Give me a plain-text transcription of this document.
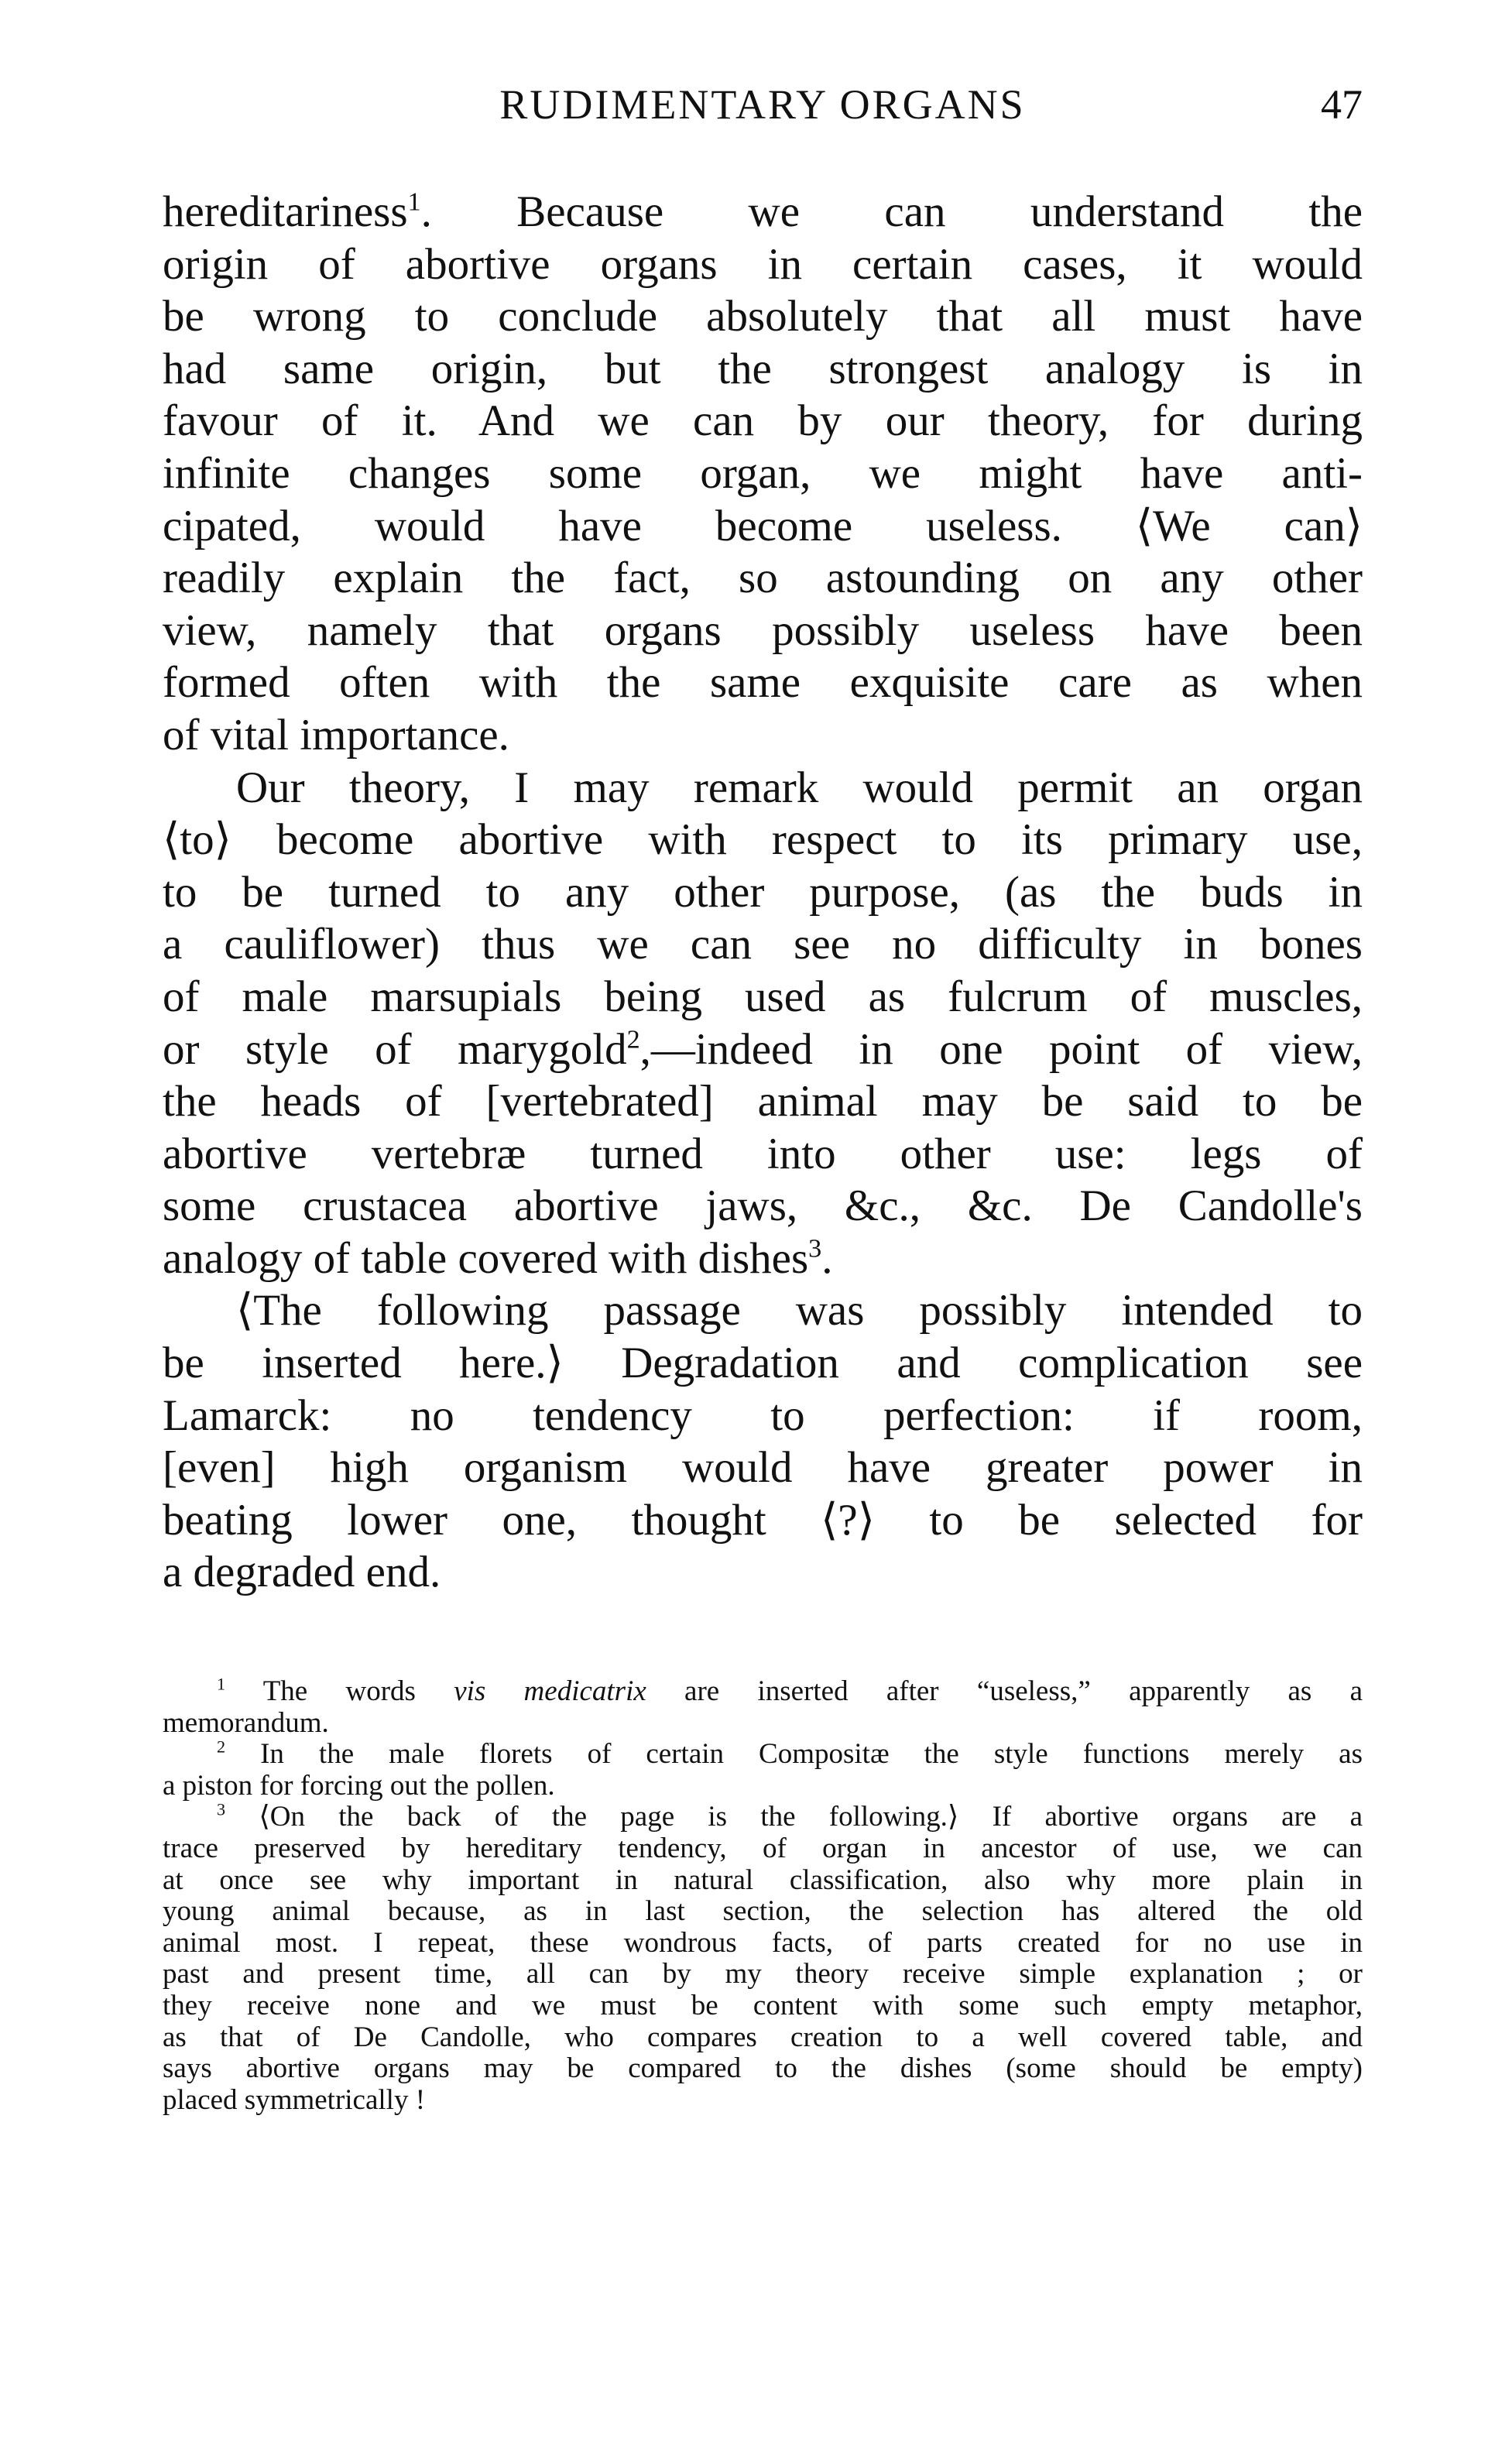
RUDIMENTARY ORGANS	47
hereditariness$^1$. Because we can understand the
origin of abortive organs in certain cases, it would
be wrong to conclude absolutely that all must have
had same origin, but the strongest analogy is in
favour of it. And we can by our theory, for during
infinite changes some organ, we might have anti-
cipated, would have become useless. ⟨We can⟩
readily explain the fact, so astounding on any other
view, namely that organs possibly useless have been
formed often with the same exquisite care as when
of vital importance.
Our theory, I may remark would permit an organ
⟨to⟩ become abortive with respect to its primary use,
to be turned to any other purpose, (as the buds in
a cauliflower) thus we can see no difficulty in bones
of male marsupials being used as fulcrum of muscles,
or style of marygold$^2$,—indeed in one point of view,
the heads of [vertebrated] animal may be said to be
abortive vertebræ turned into other use: legs of
some crustacea abortive jaws, &c., &c. De Candolle's
analogy of table covered with dishes$^3$.
⟨The following passage was possibly intended to
be inserted here.⟩ Degradation and complication see
Lamarck: no tendency to perfection: if room,
[even] high organism would have greater power in
beating lower one, thought ⟨?⟩ to be selected for
a degraded end.
$^1$ The words vis medicatrix are inserted after “useless,” apparently as a
memorandum.
$^2$ In the male florets of certain Compositæ the style functions merely as
a piston for forcing out the pollen.
$^3$ ⟨On the back of the page is the following.⟩ If abortive organs are a
trace preserved by hereditary tendency, of organ in ancestor of use, we can
at once see why important in natural classification, also why more plain in
young animal because, as in last section, the selection has altered the old
animal most. I repeat, these wondrous facts, of parts created for no use in
past and present time, all can by my theory receive simple explanation ; or
they receive none and we must be content with some such empty metaphor,
as that of De Candolle, who compares creation to a well covered table, and
says abortive organs may be compared to the dishes (some should be empty)
placed symmetrically !
